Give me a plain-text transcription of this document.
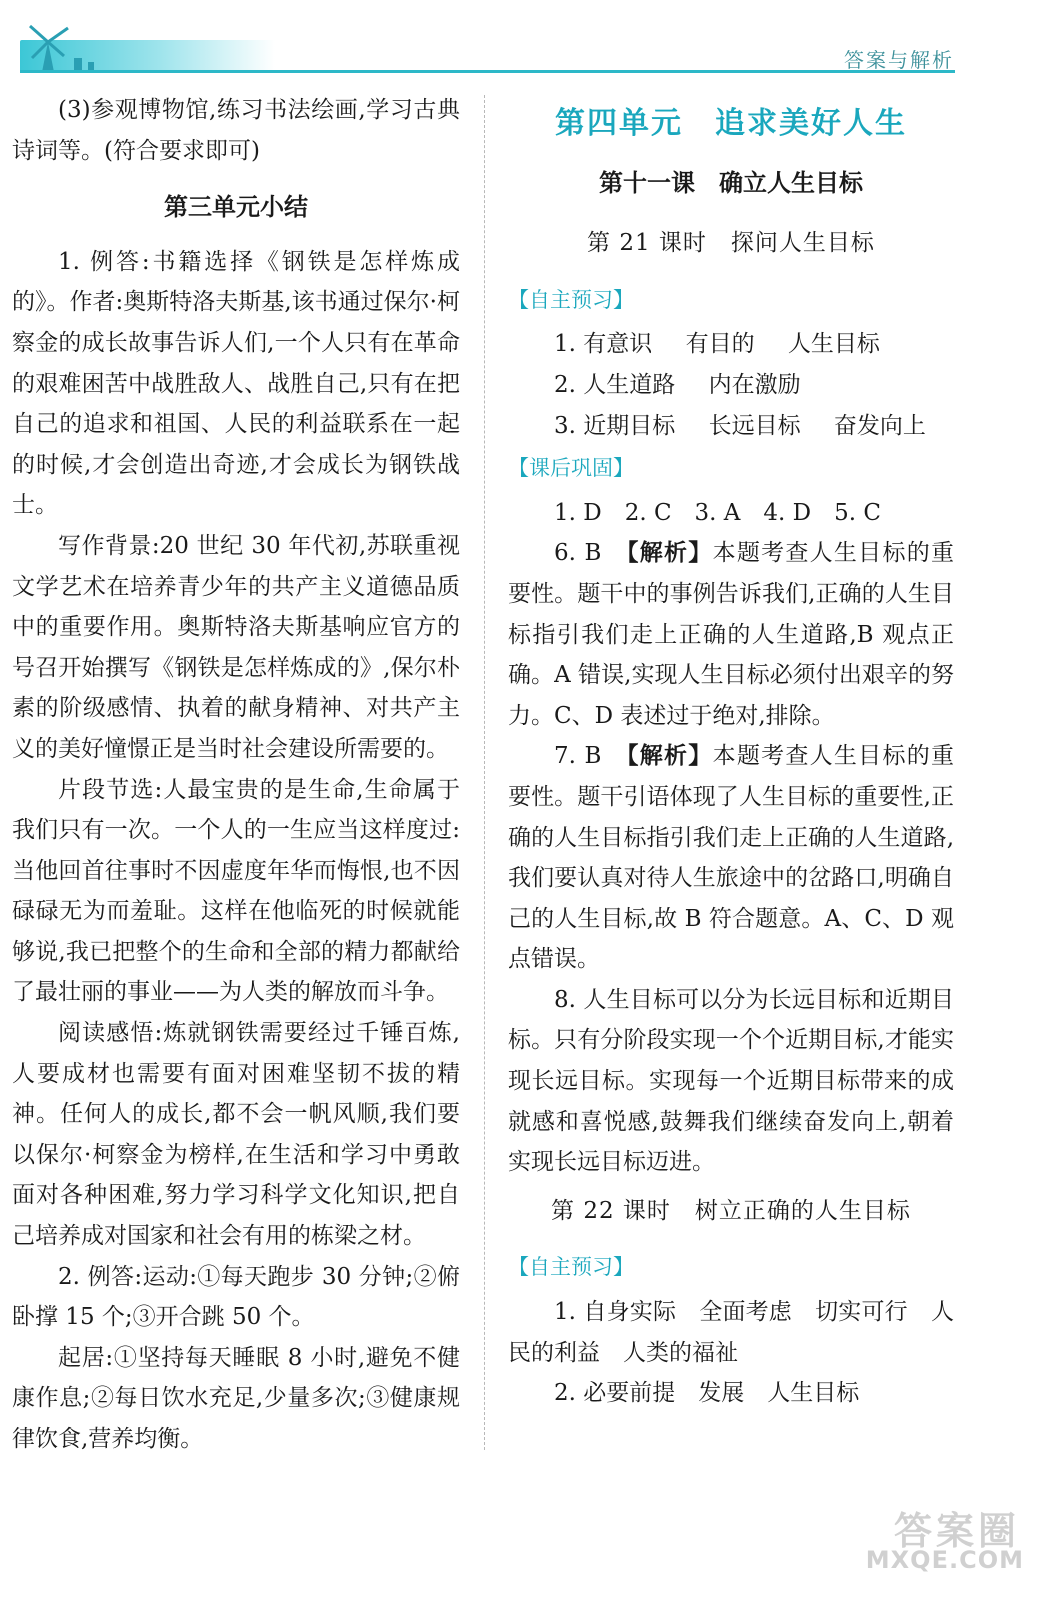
答案与解析

(3)参观博物馆,练习书法绘画,学习古典诗词等。(符合要求即可)

第三单元小结

1. 例答:书籍选择《钢铁是怎样炼成的》。作者:奥斯特洛夫斯基,该书通过保尔·柯察金的成长故事告诉人们,一个人只有在革命的艰难困苦中战胜敌人、战胜自己,只有在把自己的追求和祖国、人民的利益联系在一起的时候,才会创造出奇迹,才会成长为钢铁战士。

写作背景:20 世纪 30 年代初,苏联重视文学艺术在培养青少年的共产主义道德品质中的重要作用。奥斯特洛夫斯基响应官方的号召开始撰写《钢铁是怎样炼成的》,保尔朴素的阶级感情、执着的献身精神、对共产主义的美好憧憬正是当时社会建设所需要的。

片段节选:人最宝贵的是生命,生命属于我们只有一次。一个人的一生应当这样度过:当他回首往事时不因虚度年华而悔恨,也不因碌碌无为而羞耻。这样在他临死的时候就能够说,我已把整个的生命和全部的精力都献给了最壮丽的事业——为人类的解放而斗争。

阅读感悟:炼就钢铁需要经过千锤百炼,人要成材也需要有面对困难坚韧不拔的精神。任何人的成长,都不会一帆风顺,我们要以保尔·柯察金为榜样,在生活和学习中勇敢面对各种困难,努力学习科学文化知识,把自己培养成对国家和社会有用的栋梁之材。

2. 例答:运动:①每天跑步 30 分钟;②俯卧撑 15 个;③开合跳 50 个。

起居:①坚持每天睡眠 8 小时,避免不健康作息;②每日饮水充足,少量多次;③健康规律饮食,营养均衡。

第四单元　追求美好人生
第十一课　确立人生目标
第 21 课时　探问人生目标
【自主预习】
1. 有意识 有目的 人生目标
2. 人生道路 内在激励
3. 近期目标 长远目标 奋发向上
【课后巩固】
1. D　2. C　3. A　4. D　5. C

6. B　【解析】本题考查人生目标的重要性。题干中的事例告诉我们,正确的人生目标指引我们走上正确的人生道路,B 观点正确。A 错误,实现人生目标必须付出艰辛的努力。C、D 表述过于绝对,排除。

7. B　【解析】本题考查人生目标的重要性。题干引语体现了人生目标的重要性,正确的人生目标指引我们走上正确的人生道路,我们要认真对待人生旅途中的岔路口,明确自己的人生目标,故 B 符合题意。A、C、D 观点错误。

8. 人生目标可以分为长远目标和近期目标。只有分阶段实现一个个近期目标,才能实现长远目标。实现每一个近期目标带来的成就感和喜悦感,鼓舞我们继续奋发向上,朝着实现长远目标迈进。

第 22 课时　树立正确的人生目标
【自主预习】

1. 自身实际　全面考虑　切实可行　人民的利益　人类的福祉

2. 必要前提　发展　人生目标

答案圈
MXQE.COM
